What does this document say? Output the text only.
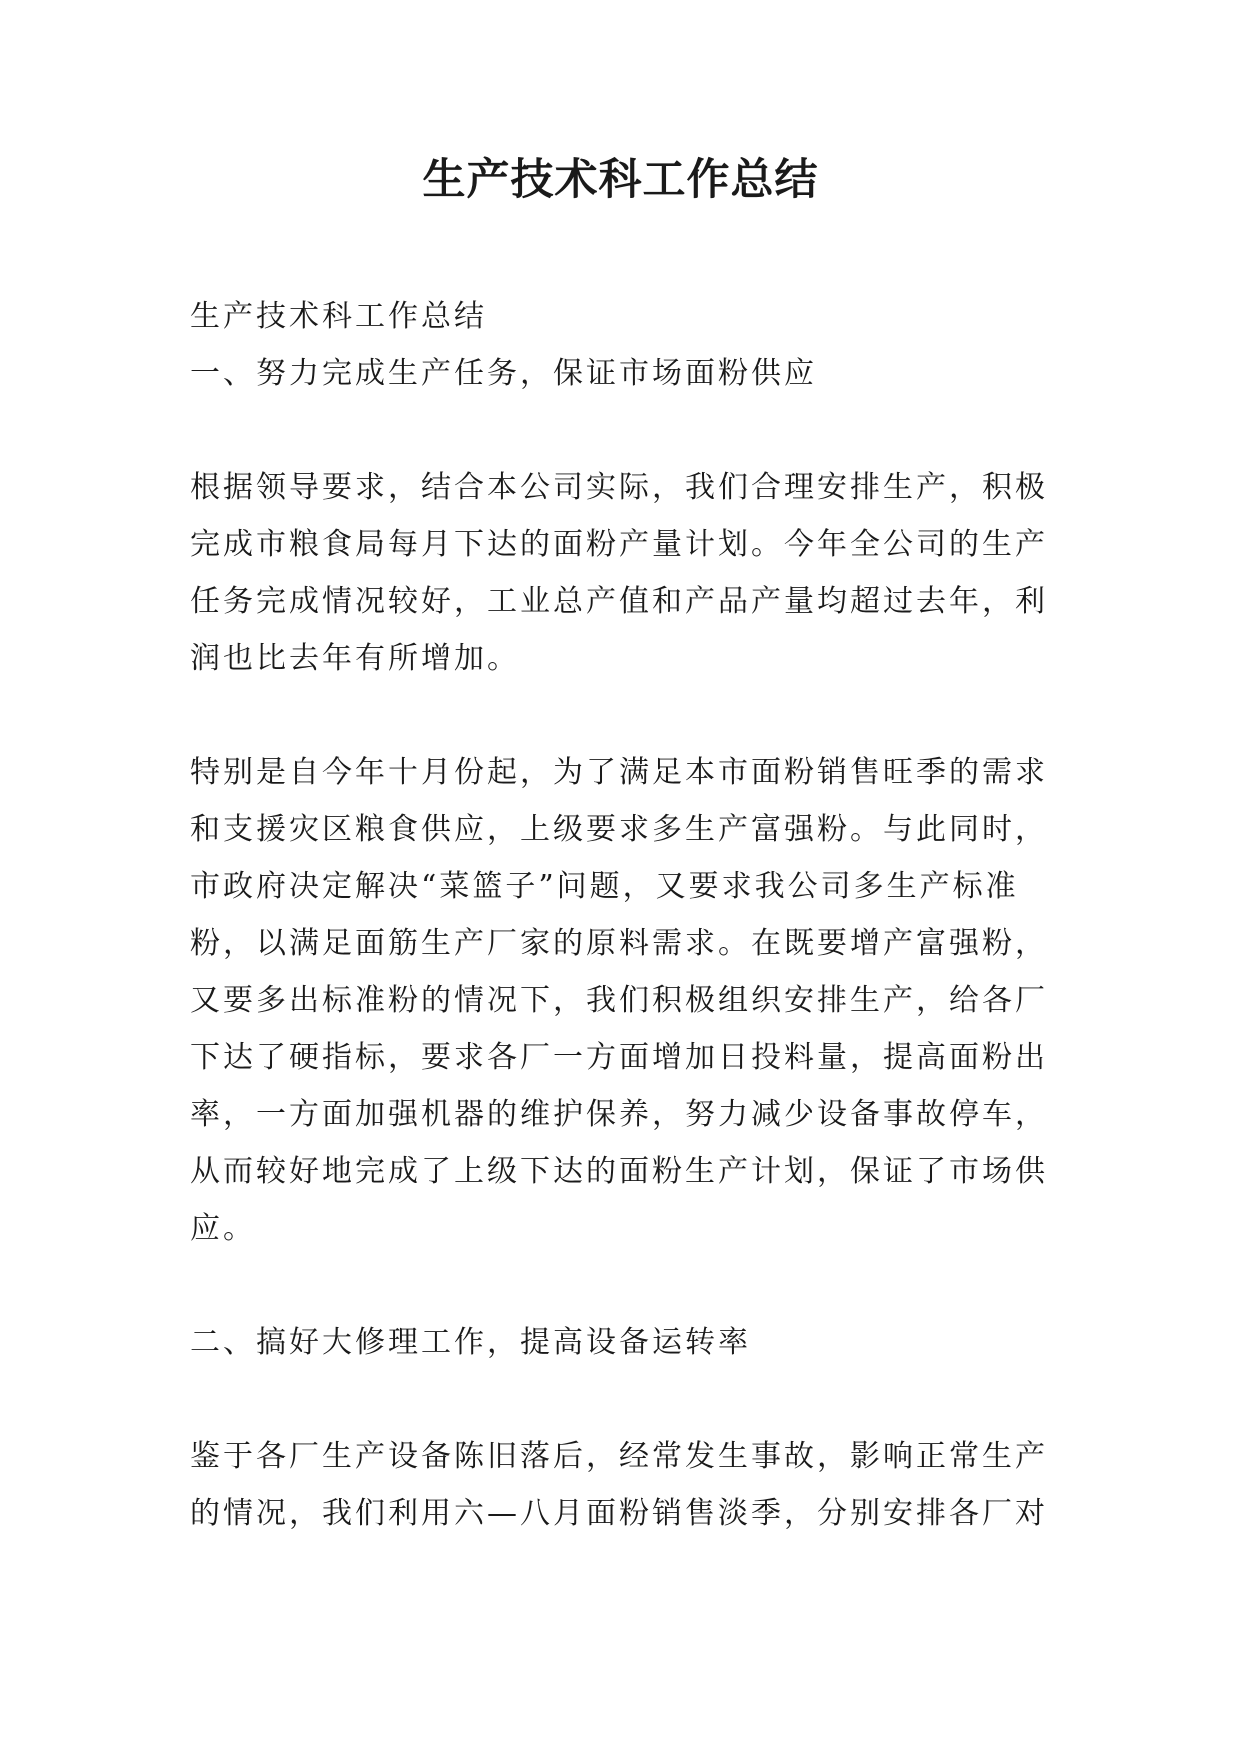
生产技术科工作总结
生产技术科工作总结
一、努力完成生产任务，保证市场面粉供应
根据领导要求，结合本公司实际，我们合理安排生产，积极
完成市粮食局每月下达的面粉产量计划。今年全公司的生产
任务完成情况较好，工业总产值和产品产量均超过去年，利
润也比去年有所增加。
特别是自今年十月份起，为了满足本市面粉销售旺季的需求
和支援灾区粮食供应，上级要求多生产富强粉。与此同时，
市政府决定解决“菜篮子”问题，又要求我公司多生产标准
粉，以满足面筋生产厂家的原料需求。在既要增产富强粉，
又要多出标准粉的情况下，我们积极组织安排生产，给各厂
下达了硬指标，要求各厂一方面增加日投料量，提高面粉出
率，一方面加强机器的维护保养，努力减少设备事故停车，
从而较好地完成了上级下达的面粉生产计划，保证了市场供
应。
二、搞好大修理工作，提高设备运转率
鉴于各厂生产设备陈旧落后，经常发生事故，影响正常生产
的情况，我们利用六—八月面粉销售淡季，分别安排各厂对
